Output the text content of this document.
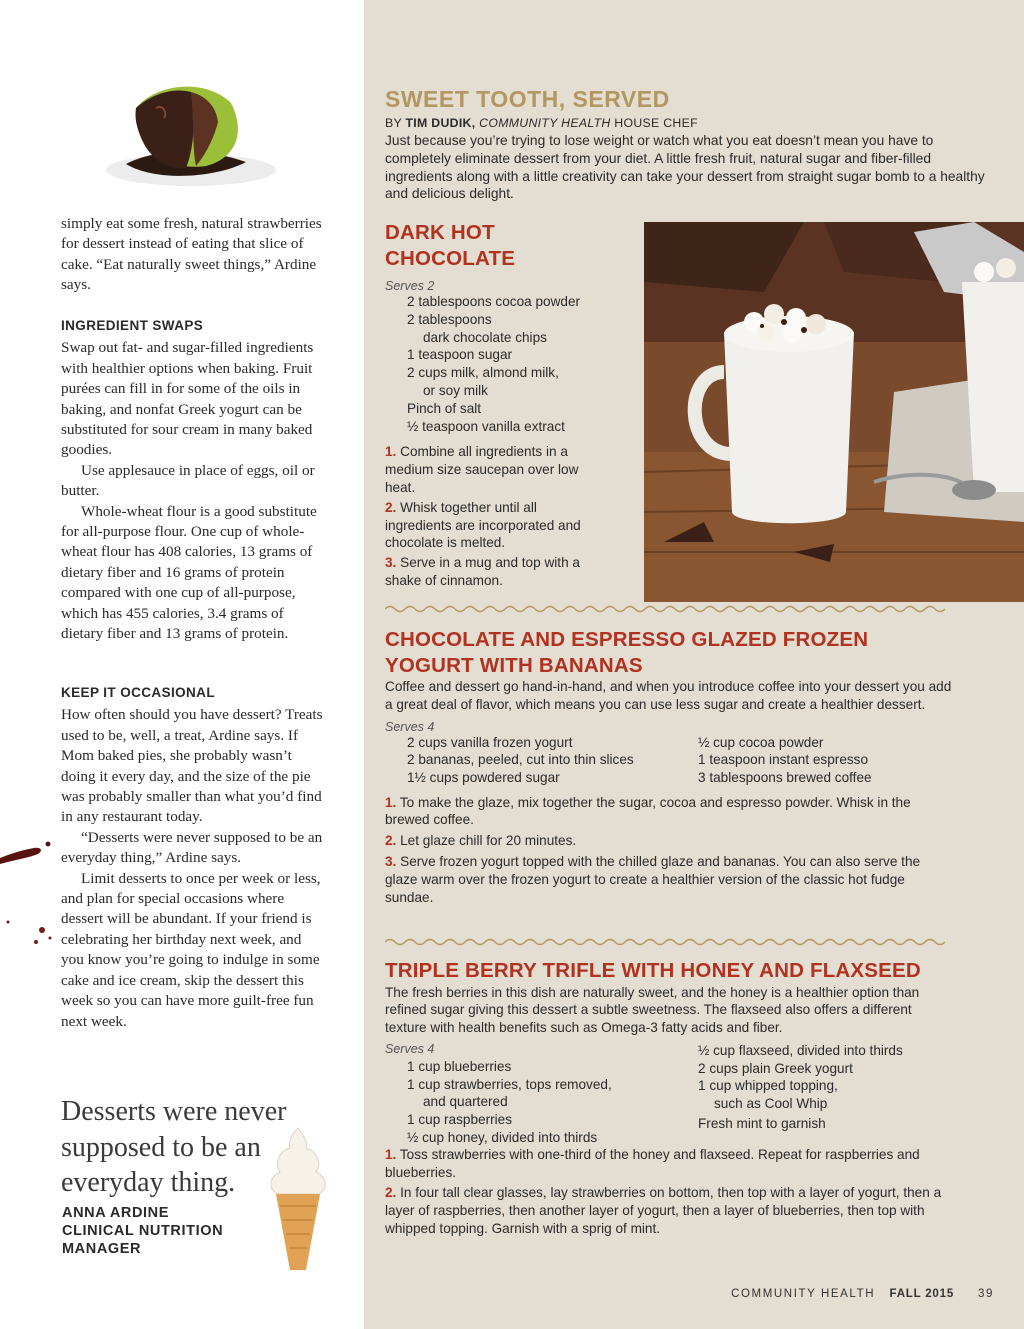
simply eat some fresh, natural strawberries for dessert instead of eating that slice of cake. “Eat naturally sweet things,” Ardine says.

INGREDIENT SWAPS

Swap out fat- and sugar-filled ingredients with healthier options when baking. Fruit purées can fill in for some of the oils in baking, and nonfat Greek yogurt can be substituted for sour cream in many baked goodies.

Use applesauce in place of eggs, oil or butter.

Whole-wheat flour is a good substitute for all-purpose flour. One cup of whole-wheat flour has 408 calories, 13 grams of dietary fiber and 16 grams of protein compared with one cup of all-purpose, which has 455 calories, 3.4 grams of dietary fiber and 13 grams of protein.

KEEP IT OCCASIONAL

How often should you have dessert? Treats used to be, well, a treat, Ardine says. If Mom baked pies, she probably wasn’t doing it every day, and the size of the pie was probably smaller than what you’d find in any restaurant today.

“Desserts were never supposed to be an everyday thing,” Ardine says.

Limit desserts to once per week or less, and plan for special occasions where dessert will be abundant. If your friend is celebrating her birthday next week, and you know you’re going to indulge in some cake and ice cream, skip the dessert this week so you can have more guilt-free fun next week.

Desserts were never supposed to be an everyday thing.

ANNA ARDINE
CLINICAL NUTRITION
MANAGER
SWEET TOOTH, SERVED
BY TIM DUDIK, COMMUNITY HEALTH HOUSE CHEF

Just because you’re trying to lose weight or watch what you eat doesn’t mean you have to completely eliminate dessert from your diet. A little fresh fruit, natural sugar and fiber-filled ingredients along with a little creativity can take your dessert from straight sugar bomb to a healthy and delicious delight.

DARK HOT
CHOCOLATE
Serves 2
2 tablespoons cocoa powder
2 tablespoons
dark chocolate chips
1 teaspoon sugar
2 cups milk, almond milk,
or soy milk
Pinch of salt
½ teaspoon vanilla extract
1. Combine all ingredients in a medium size saucepan over low heat.
2. Whisk together until all ingredients are incorporated and chocolate is melted.
3. Serve in a mug and top with a shake of cinnamon.
CHOCOLATE AND ESPRESSO GLAZED FROZEN YOGURT WITH BANANAS
Coffee and dessert go hand-in-hand, and when you introduce coffee into your dessert you add a great deal of flavor, which means you can use less sugar and create a healthier dessert.
Serves 4
2 cups vanilla frozen yogurt
2 bananas, peeled, cut into thin slices
1½ cups powdered sugar
½ cup cocoa powder
1 teaspoon instant espresso
3 tablespoons brewed coffee
1. To make the glaze, mix together the sugar, cocoa and espresso powder. Whisk in the brewed coffee.
2. Let glaze chill for 20 minutes.
3. Serve frozen yogurt topped with the chilled glaze and bananas. You can also serve the glaze warm over the frozen yogurt to create a healthier version of the classic hot fudge sundae.
TRIPLE BERRY TRIFLE WITH HONEY AND FLAXSEED
The fresh berries in this dish are naturally sweet, and the honey is a healthier option than refined sugar giving this dessert a subtle sweetness. The flaxseed also offers a different texture with health benefits such as Omega-3 fatty acids and fiber.
Serves 4
1 cup blueberries
1 cup strawberries, tops removed,
and quartered
1 cup raspberries
½ cup honey, divided into thirds
½ cup flaxseed, divided into thirds
2 cups plain Greek yogurt
1 cup whipped topping,
such as Cool Whip
Fresh mint to garnish
1. Toss strawberries with one-third of the honey and flaxseed. Repeat for raspberries and blueberries.
2. In four tall clear glasses, lay strawberries on bottom, then top with a layer of yogurt, then a layer of raspberries, then another layer of yogurt, then a layer of blueberries, then top with whipped topping. Garnish with a sprig of mint.
COMMUNITY HEALTH FALL 2015 39
